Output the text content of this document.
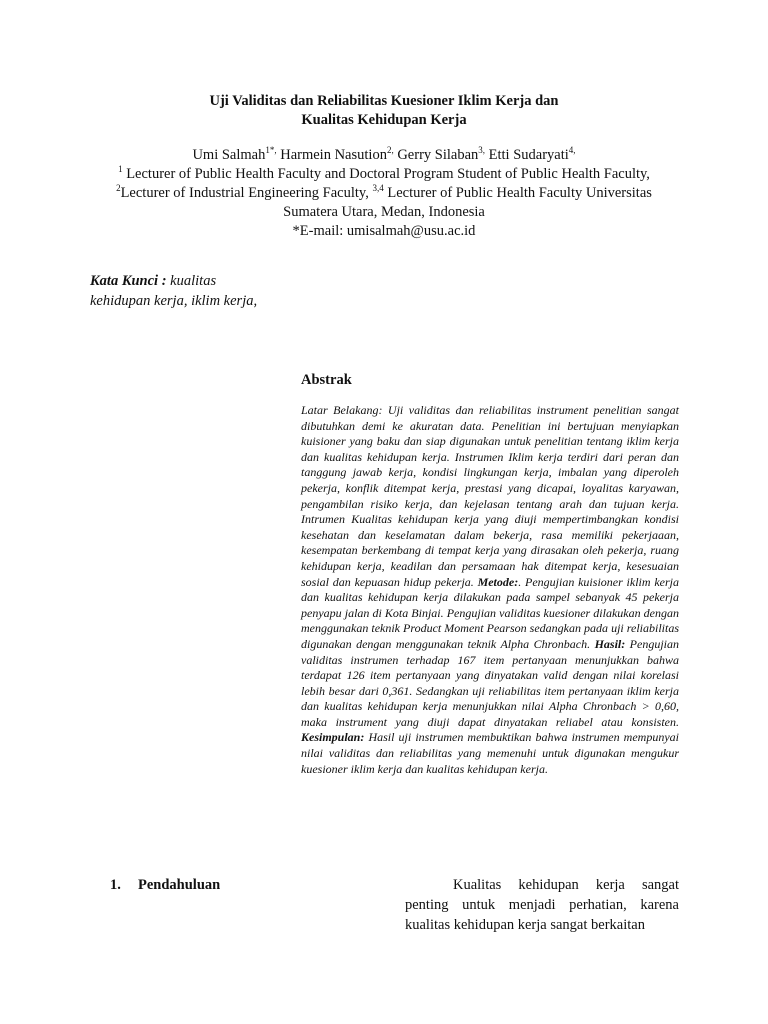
Uji Validitas dan Reliabilitas Kuesioner Iklim Kerja dan
Kualitas Kehidupan Kerja
Umi Salmah$^{1*,}$ Harmein Nasution$^{2,}$ Gerry Silaban$^{3,}$ Etti Sudaryati$^{4,}$
$^1$ Lecturer of Public Health Faculty and Doctoral Program Student of Public Health Faculty,
$^2$Lecturer of Industrial Engineering Faculty, $^{3,4}$ Lecturer of Public Health Faculty Universitas
Sumatera Utara, Medan, Indonesia
*E-mail: umisalmah@usu.ac.id
Kata Kunci : kualitas kehidupan kerja, iklim kerja,
Abstrak
Latar Belakang: Uji validitas dan reliabilitas instrument penelitian sangat dibutuhkan demi ke akuratan data. Penelitian ini bertujuan menyiapkan kuisioner yang baku dan siap digunakan untuk penelitian tentang iklim kerja dan kualitas kehidupan kerja. Instrumen Iklim kerja terdiri dari peran dan tanggung jawab kerja, kondisi lingkungan kerja, imbalan yang diperoleh pekerja, konflik ditempat kerja, prestasi yang dicapai, loyalitas karyawan, pengambilan risiko kerja, dan kejelasan tentang arah dan tujuan kerja. Intrumen Kualitas kehidupan kerja yang diuji mempertimbangkan kondisi kesehatan dan keselamatan dalam bekerja, rasa memiliki pekerjaaan, kesempatan berkembang di tempat kerja yang dirasakan oleh pekerja, ruang kehidupan kerja, keadilan dan persamaan hak ditempat kerja, kesesuaian sosial dan kepuasan hidup pekerja. Metode:. Pengujian kuisioner iklim kerja dan kualitas kehidupan kerja dilakukan pada sampel sebanyak 45 pekerja penyapu jalan di Kota Binjai. Pengujian validitas kuesioner dilakukan dengan menggunakan teknik Product Moment Pearson sedangkan pada uji reliabilitas digunakan dengan menggunakan teknik Alpha Chronbach. Hasil: Pengujian validitas instrumen terhadap 167 item pertanyaan menunjukkan bahwa terdapat 126 item pertanyaan yang dinyatakan valid dengan nilai korelasi lebih besar dari 0,361. Sedangkan uji reliabilitas item pertanyaan iklim kerja dan kualitas kehidupan kerja menunjukkan nilai Alpha Chronbach > 0,60, maka instrument yang diuji dapat dinyatakan reliabel atau konsisten. Kesimpulan: Hasil uji instrumen membuktikan bahwa instrumen mempunyai nilai validitas dan reliabilitas yang memenuhi untuk digunakan mengukur kuesioner iklim kerja dan kualitas kehidupan kerja.
1. Pendahuluan	Kualitas kehidupan kerja sangat penting untuk menjadi perhatian, karena kualitas kehidupan kerja sangat berkaitan
